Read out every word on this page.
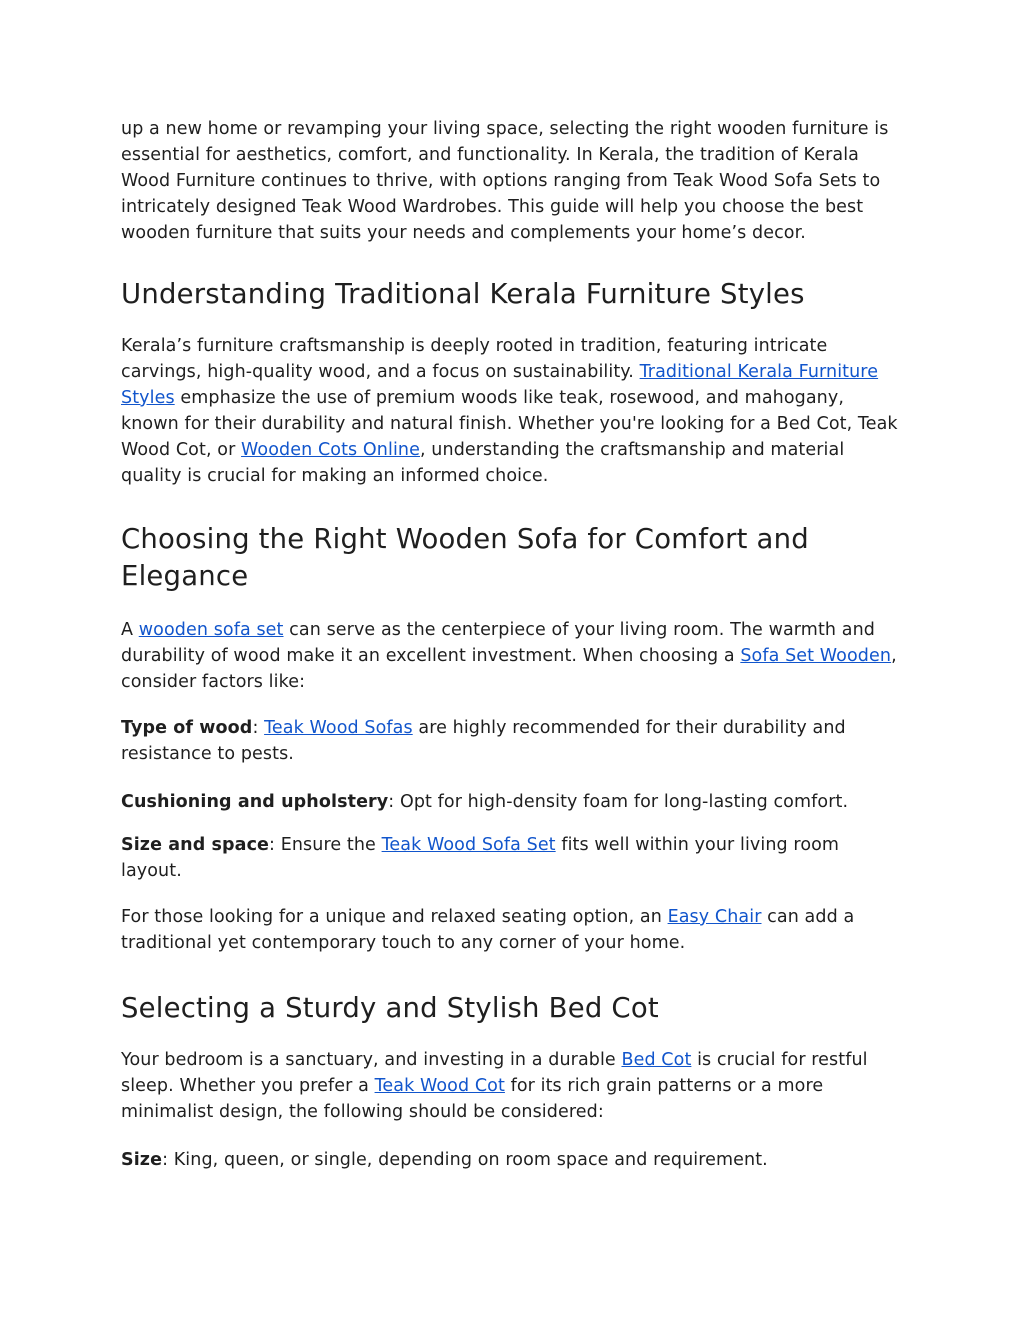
up a new home or revamping your living space, selecting the right wooden furniture is essential for aesthetics, comfort, and functionality. In Kerala, the tradition of Kerala Wood Furniture continues to thrive, with options ranging from Teak Wood Sofa Sets to intricately designed Teak Wood Wardrobes. This guide will help you choose the best wooden furniture that suits your needs and complements your home’s decor.

Understanding Traditional Kerala Furniture Styles

Kerala’s furniture craftsmanship is deeply rooted in tradition, featuring intricate carvings, high-quality wood, and a focus on sustainability. Traditional Kerala Furniture Styles emphasize the use of premium woods like teak, rosewood, and mahogany, known for their durability and natural finish. Whether you're looking for a Bed Cot, Teak Wood Cot, or Wooden Cots Online, understanding the craftsmanship and material quality is crucial for making an informed choice.

Choosing the Right Wooden Sofa for Comfort and Elegance

A wooden sofa set can serve as the centerpiece of your living room. The warmth and durability of wood make it an excellent investment. When choosing a Sofa Set Wooden, consider factors like:

Type of wood: Teak Wood Sofas are highly recommended for their durability and resistance to pests.

Cushioning and upholstery: Opt for high-density foam for long-lasting comfort.

Size and space: Ensure the Teak Wood Sofa Set fits well within your living room layout.

For those looking for a unique and relaxed seating option, an Easy Chair can add a traditional yet contemporary touch to any corner of your home.

Selecting a Sturdy and Stylish Bed Cot

Your bedroom is a sanctuary, and investing in a durable Bed Cot is crucial for restful sleep. Whether you prefer a Teak Wood Cot for its rich grain patterns or a more minimalist design, the following should be considered:

Size: King, queen, or single, depending on room space and requirement.
